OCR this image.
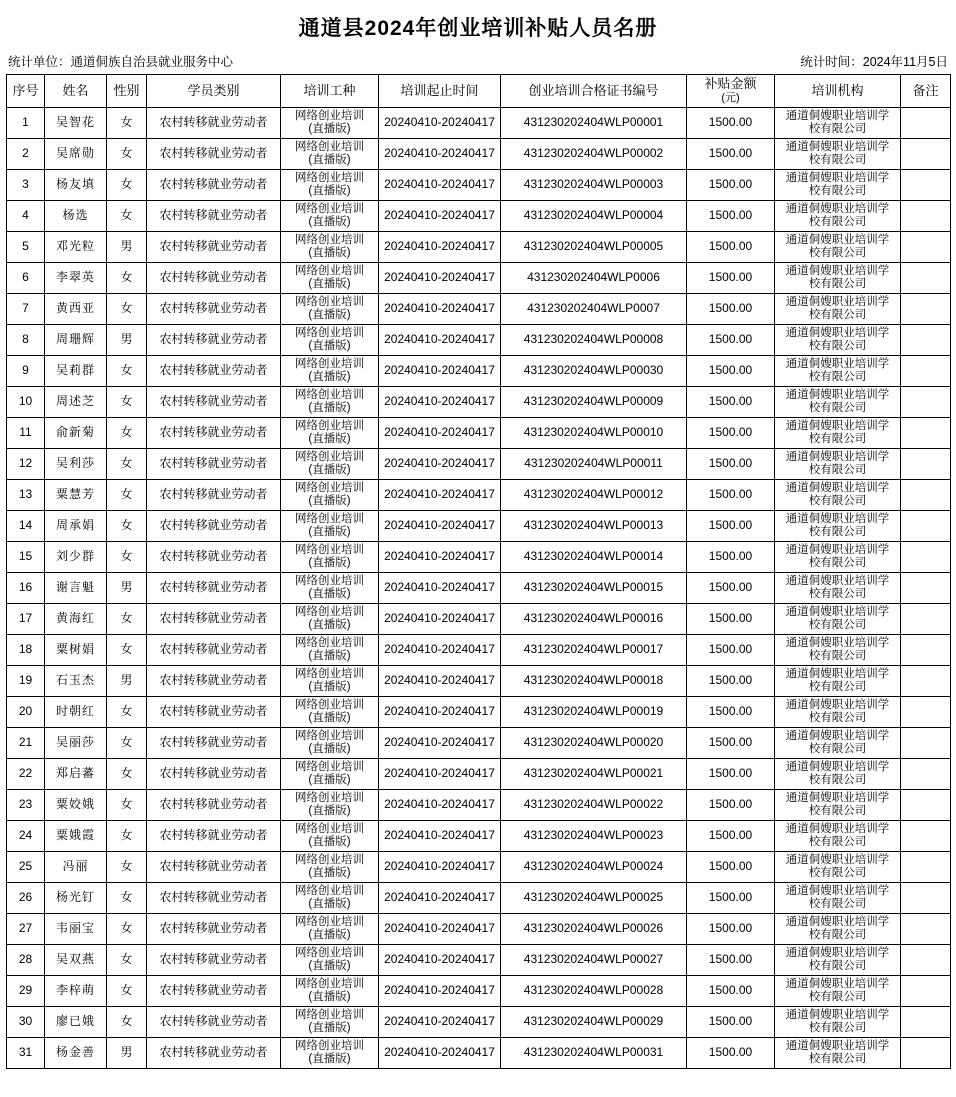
通道县2024年创业培训补贴人员名册
统计单位：通道侗族自治县就业服务中心	统计时间：2024年11月5日
序号	姓名	性别	学员类别	培训工种	培训起止时间	创业培训合格证书编号	补贴金额
(元)	培训机构	备注
1	吴智花	女	农村转移就业劳动者	网络创业培训
(直播版)	20240410-20240417	431230202404WLP00001	1500.00	通道侗嫂职业培训学
校有限公司

2	吴席勋	女	农村转移就业劳动者	网络创业培训
(直播版)	20240410-20240417	431230202404WLP00002	1500.00	通道侗嫂职业培训学
校有限公司

3	杨友填	女	农村转移就业劳动者	网络创业培训
(直播版)	20240410-20240417	431230202404WLP00003	1500.00	通道侗嫂职业培训学
校有限公司

4	杨选	女	农村转移就业劳动者	网络创业培训
(直播版)	20240410-20240417	431230202404WLP00004	1500.00	通道侗嫂职业培训学
校有限公司

5	邓光粒	男	农村转移就业劳动者	网络创业培训
(直播版)	20240410-20240417	431230202404WLP00005	1500.00	通道侗嫂职业培训学
校有限公司

6	李翠英	女	农村转移就业劳动者	网络创业培训
(直播版)	20240410-20240417	431230202404WLP0006	1500.00	通道侗嫂职业培训学
校有限公司

7	黄西亚	女	农村转移就业劳动者	网络创业培训
(直播版)	20240410-20240417	431230202404WLP0007	1500.00	通道侗嫂职业培训学
校有限公司

8	周珊辉	男	农村转移就业劳动者	网络创业培训
(直播版)	20240410-20240417	431230202404WLP00008	1500.00	通道侗嫂职业培训学
校有限公司

9	吴莉群	女	农村转移就业劳动者	网络创业培训
(直播版)	20240410-20240417	431230202404WLP00030	1500.00	通道侗嫂职业培训学
校有限公司

10	周述芝	女	农村转移就业劳动者	网络创业培训
(直播版)	20240410-20240417	431230202404WLP00009	1500.00	通道侗嫂职业培训学
校有限公司

11	俞新菊	女	农村转移就业劳动者	网络创业培训
(直播版)	20240410-20240417	431230202404WLP00010	1500.00	通道侗嫂职业培训学
校有限公司

12	吴利莎	女	农村转移就业劳动者	网络创业培训
(直播版)	20240410-20240417	431230202404WLP00011	1500.00	通道侗嫂职业培训学
校有限公司

13	粟慧芳	女	农村转移就业劳动者	网络创业培训
(直播版)	20240410-20240417	431230202404WLP00012	1500.00	通道侗嫂职业培训学
校有限公司

14	周承娟	女	农村转移就业劳动者	网络创业培训
(直播版)	20240410-20240417	431230202404WLP00013	1500.00	通道侗嫂职业培训学
校有限公司

15	刘少群	女	农村转移就业劳动者	网络创业培训
(直播版)	20240410-20240417	431230202404WLP00014	1500.00	通道侗嫂职业培训学
校有限公司

16	谢言魁	男	农村转移就业劳动者	网络创业培训
(直播版)	20240410-20240417	431230202404WLP00015	1500.00	通道侗嫂职业培训学
校有限公司

17	黄海红	女	农村转移就业劳动者	网络创业培训
(直播版)	20240410-20240417	431230202404WLP00016	1500.00	通道侗嫂职业培训学
校有限公司

18	粟树娟	女	农村转移就业劳动者	网络创业培训
(直播版)	20240410-20240417	431230202404WLP00017	1500.00	通道侗嫂职业培训学
校有限公司

19	石玉杰	男	农村转移就业劳动者	网络创业培训
(直播版)	20240410-20240417	431230202404WLP00018	1500.00	通道侗嫂职业培训学
校有限公司

20	时朝红	女	农村转移就业劳动者	网络创业培训
(直播版)	20240410-20240417	431230202404WLP00019	1500.00	通道侗嫂职业培训学
校有限公司

21	吴丽莎	女	农村转移就业劳动者	网络创业培训
(直播版)	20240410-20240417	431230202404WLP00020	1500.00	通道侗嫂职业培训学
校有限公司

22	郑启蕃	女	农村转移就业劳动者	网络创业培训
(直播版)	20240410-20240417	431230202404WLP00021	1500.00	通道侗嫂职业培训学
校有限公司

23	粟姣娥	女	农村转移就业劳动者	网络创业培训
(直播版)	20240410-20240417	431230202404WLP00022	1500.00	通道侗嫂职业培训学
校有限公司

24	粟娥霞	女	农村转移就业劳动者	网络创业培训
(直播版)	20240410-20240417	431230202404WLP00023	1500.00	通道侗嫂职业培训学
校有限公司

25	冯丽	女	农村转移就业劳动者	网络创业培训
(直播版)	20240410-20240417	431230202404WLP00024	1500.00	通道侗嫂职业培训学
校有限公司

26	杨光钉	女	农村转移就业劳动者	网络创业培训
(直播版)	20240410-20240417	431230202404WLP00025	1500.00	通道侗嫂职业培训学
校有限公司

27	韦丽宝	女	农村转移就业劳动者	网络创业培训
(直播版)	20240410-20240417	431230202404WLP00026	1500.00	通道侗嫂职业培训学
校有限公司

28	吴双燕	女	农村转移就业劳动者	网络创业培训
(直播版)	20240410-20240417	431230202404WLP00027	1500.00	通道侗嫂职业培训学
校有限公司

29	李梓萌	女	农村转移就业劳动者	网络创业培训
(直播版)	20240410-20240417	431230202404WLP00028	1500.00	通道侗嫂职业培训学
校有限公司

30	廖已娥	女	农村转移就业劳动者	网络创业培训
(直播版)	20240410-20240417	431230202404WLP00029	1500.00	通道侗嫂职业培训学
校有限公司

31	杨金善	男	农村转移就业劳动者	网络创业培训
(直播版)	20240410-20240417	431230202404WLP00031	1500.00	通道侗嫂职业培训学
校有限公司
